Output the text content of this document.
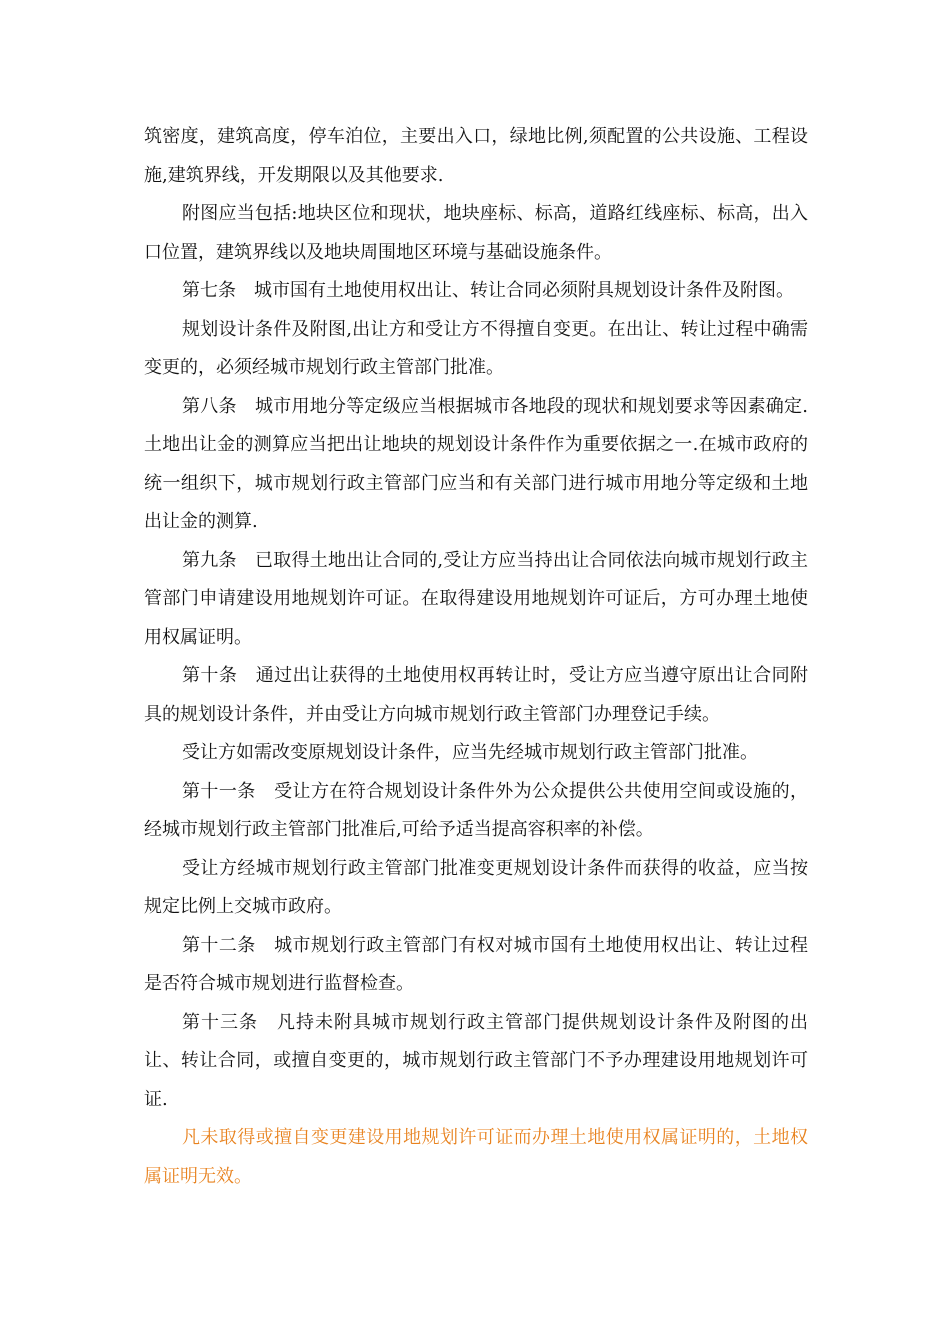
筑密度，建筑高度，停车泊位，主要出入口，绿地比例,须配置的公共设施、工程设施,建筑界线，开发期限以及其他要求.

附图应当包括:地块区位和现状，地块座标、标高，道路红线座标、标高，出入口位置，建筑界线以及地块周围地区环境与基础设施条件。

第七条　城市国有土地使用权出让、转让合同必须附具规划设计条件及附图。

规划设计条件及附图,出让方和受让方不得擅自变更。在出让、转让过程中确需变更的，必须经城市规划行政主管部门批准。

第八条　城市用地分等定级应当根据城市各地段的现状和规划要求等因素确定.土地出让金的测算应当把出让地块的规划设计条件作为重要依据之一.在城市政府的统一组织下，城市规划行政主管部门应当和有关部门进行城市用地分等定级和土地出让金的测算.

第九条　已取得土地出让合同的,受让方应当持出让合同依法向城市规划行政主管部门申请建设用地规划许可证。在取得建设用地规划许可证后，方可办理土地使用权属证明。

第十条　通过出让获得的土地使用权再转让时，受让方应当遵守原出让合同附具的规划设计条件，并由受让方向城市规划行政主管部门办理登记手续。

受让方如需改变原规划设计条件，应当先经城市规划行政主管部门批准。

第十一条　受让方在符合规划设计条件外为公众提供公共使用空间或设施的，经城市规划行政主管部门批准后,可给予适当提高容积率的补偿。

受让方经城市规划行政主管部门批准变更规划设计条件而获得的收益，应当按规定比例上交城市政府。

第十二条　城市规划行政主管部门有权对城市国有土地使用权出让、转让过程是否符合城市规划进行监督检查。

第十三条　凡持未附具城市规划行政主管部门提供规划设计条件及附图的出让、转让合同，或擅自变更的，城市规划行政主管部门不予办理建设用地规划许可证.

凡未取得或擅自变更建设用地规划许可证而办理土地使用权属证明的，土地权属证明无效。
